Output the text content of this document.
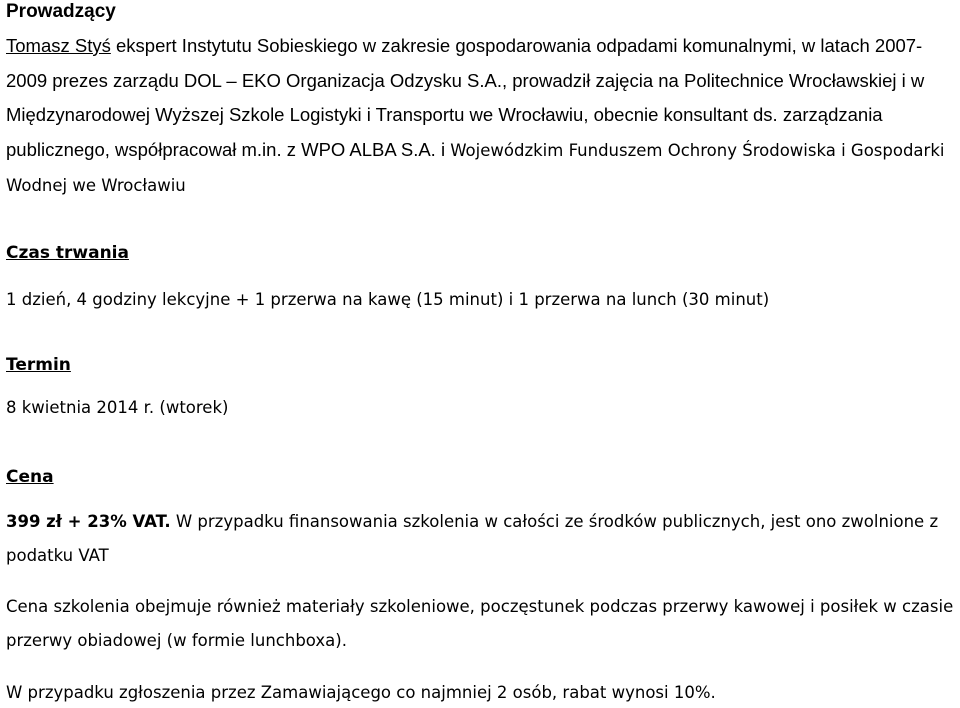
Prowadzący

Tomasz Styś ekspert Instytutu Sobieskiego w zakresie gospodarowania odpadami komunalnymi, w latach 2007-2009 prezes zarządu DOL – EKO Organizacja Odzysku S.A., prowadził zajęcia na Politechnice Wrocławskiej i w Międzynarodowej Wyższej Szkole Logistyki i Transportu we Wrocławiu, obecnie konsultant ds. zarządzania publicznego, współpracował m.in. z WPO ALBA S.A. i Wojewódzkim Funduszem Ochrony Środowiska i Gospodarki Wodnej we Wrocławiu

Czas trwania

1 dzień, 4 godziny lekcyjne + 1 przerwa na kawę (15 minut) i 1 przerwa na lunch (30 minut)

Termin

8 kwietnia 2014 r. (wtorek)

Cena

399 zł + 23% VAT. W przypadku finansowania szkolenia w całości ze środków publicznych, jest ono zwolnione z podatku VAT

Cena szkolenia obejmuje również materiały szkoleniowe, poczęstunek podczas przerwy kawowej i posiłek w czasie przerwy obiadowej (w formie lunchboxa).

W przypadku zgłoszenia przez Zamawiającego co najmniej 2 osób, rabat wynosi 10%.
